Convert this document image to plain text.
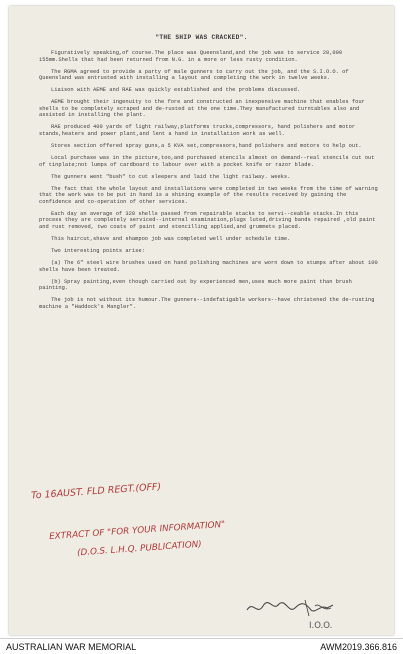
"THE SHIP WAS CRACKED".

Figuratively speaking,of course.The place was Queensland,and the job was to service 20,000 155mm.Shells that had been returned from N.G. in a more or less rusty condition.

The RGMA agreed to provide a party of male gunners to carry out the job, and the S.I.O.O. of Queensland was entrusted with installing a layout and completing the work in twelve weeks.

Liaison with AEME and RAE was quickly established and the problems discussed.

AEME brought their ingenuity to the fore and constructed an inexpensive machine that enables four shells to be completely scraped and de-rusted at the one time.They manufactured turntables also and assisted in installing the plant.

RAE produced 400 yards of light railway,platforms trucks,compressors, hand polishers and motor stands,heaters and power plant,and lent a hand in installation work as well.

Stores section offered spray guns,a 5 KVA set,compressors,hand polishers and motors to help out.

Local purchase was in the picture,too,and purchased stencils almost on demand--real stencils cut out of tinplate;not lumps of cardboard to labour over with a pocket knife or razor blade.

The gunners went "bush" to cut sleepers and laid the light railway. weeks.

The fact that the whole layout and installations were completed in two weeks from the time of warning that the work was to be put in hand is a shining example of the results received by gaining the confidence and co-operation of other services.

Each day an average of 320 shells passed from repairable stacks to servi--ceable stacks.In this process they are completely serviced--internal examination,plugs luted,driving bands repaired ,old paint and rust removed, two coats of paint and stencilling applied,and grummets placed.

This haircut,shave and shampoo job was completed well under schedule time.

Two interesting points arise:

(a) The 6" steel wire brushes used on hand polishing machines are worn down to stumps after about 100 shells have been treated.

(b) Spray painting,even though carried out by experienced men,uses much more paint than brush painting.

The job is not without its humour.The gunners--indefatigable workers--have christened the de-rusting machine a "Haddock's Mangler".

To 16AUST. FLD REGT.(OFF)
EXTRACT OF "FOR YOUR INFORMATION"
(D.O.S. L.H.Q. PUBLICATION)
I.O.O.
AUSTRALIAN WAR MEMORIAL	AWM2019.366.816
